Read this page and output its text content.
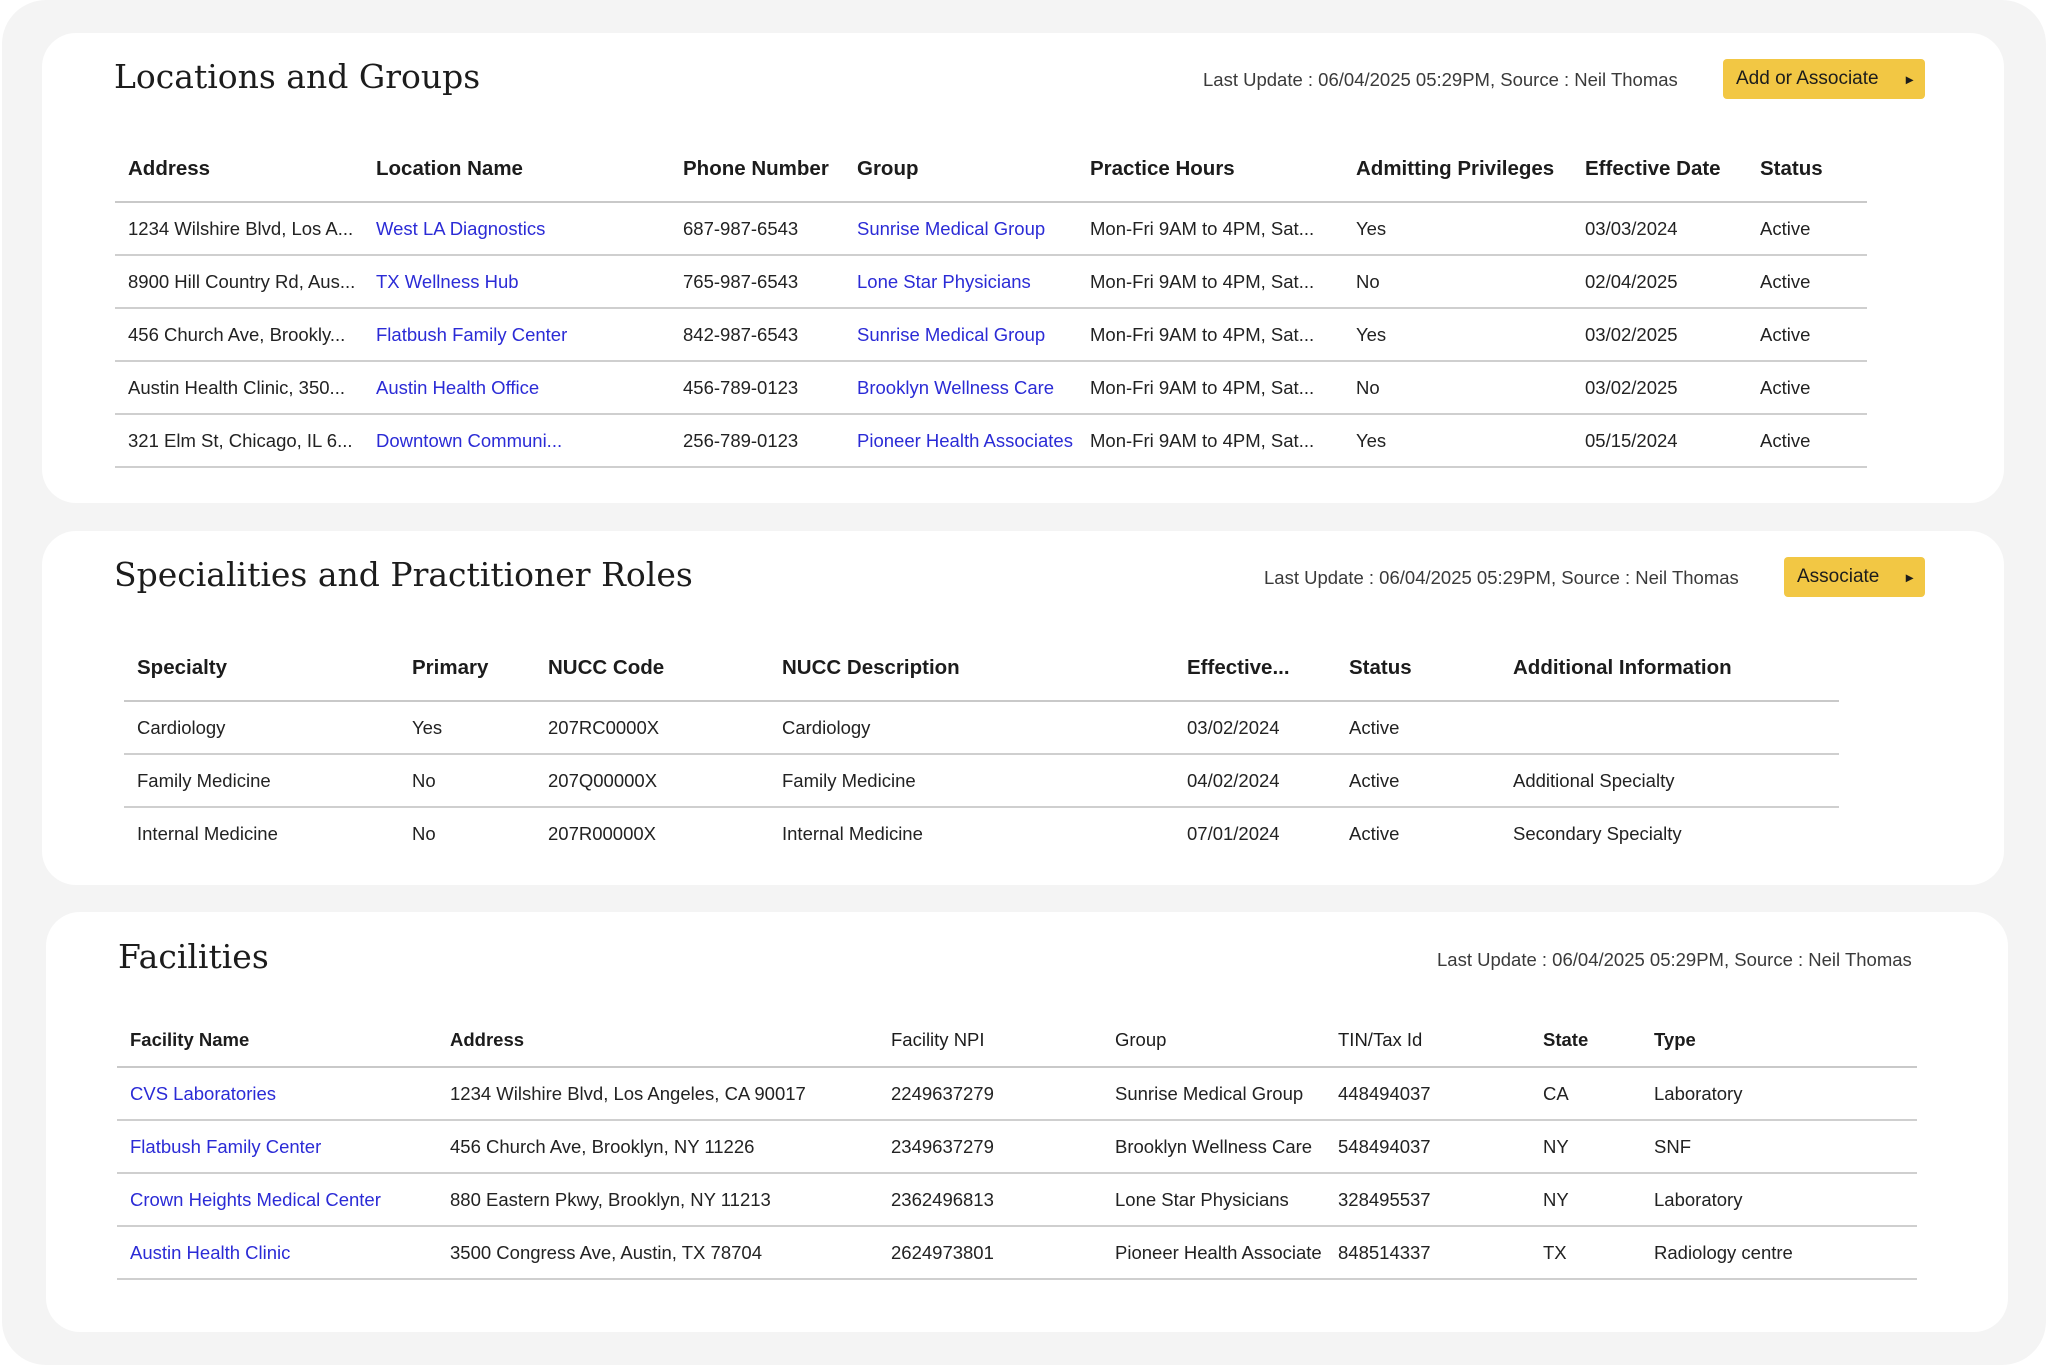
Locations and Groups	Last Update : 06/04/2025 05:29PM, Source : Neil Thomas	Add or Associate ▸
Address	Location Name	Phone Number	Group	Practice Hours	Admitting Privileges	Effective Date	Status
1234 Wilshire Blvd, Los A...	West LA Diagnostics	687-987-6543	Sunrise Medical Group	Mon-Fri 9AM to 4PM, Sat...	Yes	03/03/2024	Active
8900 Hill Country Rd, Aus...	TX Wellness Hub	765-987-6543	Lone Star Physicians	Mon-Fri 9AM to 4PM, Sat...	No	02/04/2025	Active
456 Church Ave, Brookly...	Flatbush Family Center	842-987-6543	Sunrise Medical Group	Mon-Fri 9AM to 4PM, Sat...	Yes	03/02/2025	Active
Austin Health Clinic, 350...	Austin Health Office	456-789-0123	Brooklyn Wellness Care	Mon-Fri 9AM to 4PM, Sat...	No	03/02/2025	Active
321 Elm St, Chicago, IL 6...	Downtown Communi...	256-789-0123	Pioneer Health Associates	Mon-Fri 9AM to 4PM, Sat...	Yes	05/15/2024	Active
Specialities and Practitioner Roles	Last Update : 06/04/2025 05:29PM, Source : Neil Thomas	Associate ▸
Specialty	Primary	NUCC Code	NUCC Description	Effective...	Status	Additional Information
Cardiology	Yes	207RC0000X	Cardiology	03/02/2024	Active	
Family Medicine	No	207Q00000X	Family Medicine	04/02/2024	Active	Additional Specialty
Internal Medicine	No	207R00000X	Internal Medicine	07/01/2024	Active	Secondary Specialty
Facilities	Last Update : 06/04/2025 05:29PM, Source : Neil Thomas
Facility Name	Address	Facility NPI	Group	TIN/Tax Id	State	Type
CVS Laboratories	1234 Wilshire Blvd, Los Angeles, CA 90017	2249637279	Sunrise Medical Group	448494037	CA	Laboratory
Flatbush Family Center	456 Church Ave, Brooklyn, NY 11226	2349637279	Brooklyn Wellness Care	548494037	NY	SNF
Crown Heights Medical Center	880 Eastern Pkwy, Brooklyn, NY 11213	2362496813	Lone Star Physicians	328495537	NY	Laboratory
Austin Health Clinic	3500 Congress Ave, Austin, TX 78704	2624973801	Pioneer Health Associate	848514337	TX	Radiology centre
